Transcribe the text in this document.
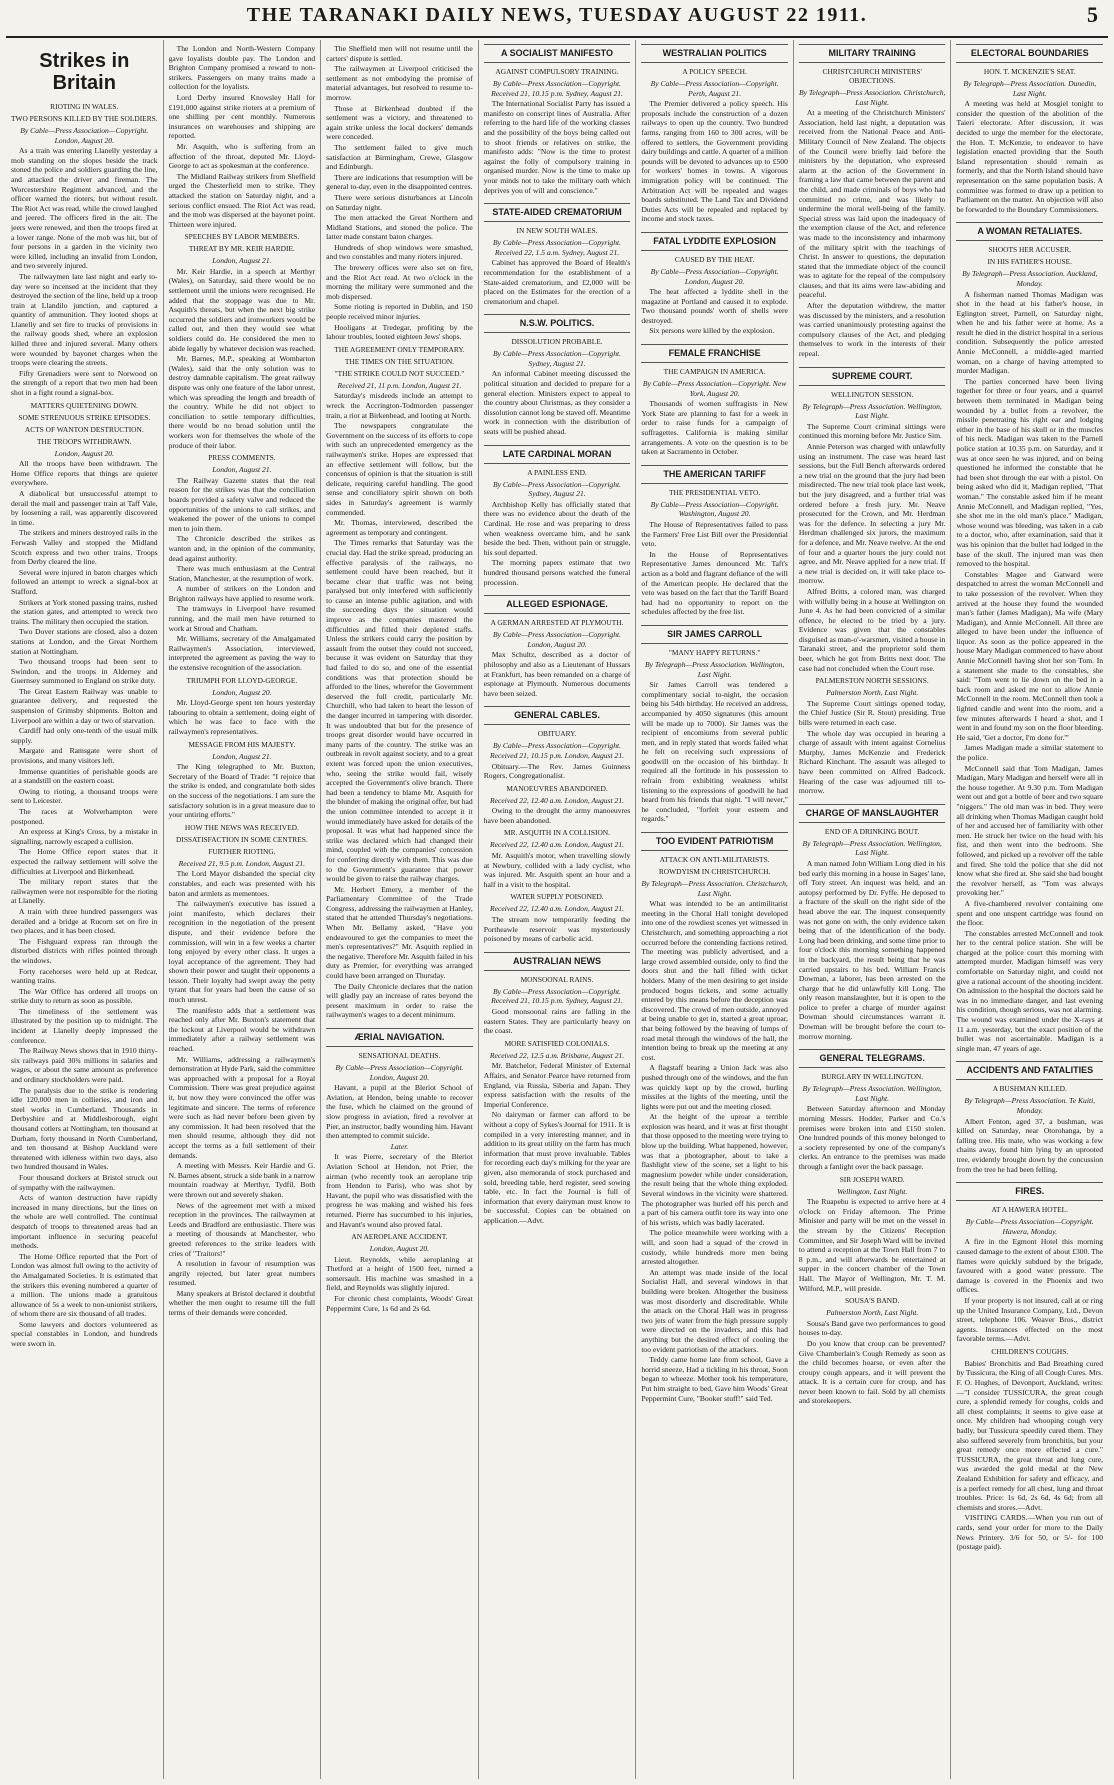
THE TARANAKI DAILY NEWS, TUESDAY AUGUST 22 1911.	5
Strikes in Britain
RIOTING IN WALES.
TWO PERSONS KILLED BY THE SOLDIERS.

By Cable—Press Association—Copyright. London, August 20.

As a train was entering Llanelly yesterday a mob standing on the slopes beside the track stoned the police and soldiers guarding the line, and attacked the driver and fireman. The Worcestershire Regiment advanced, and the officer warned the rioters, but without result. The Riot Act was read, while the crowd laughed and jeered. The officers fired in the air. The jeers were renewed, and then the troops fired at a lower range. None of the mob was hit, but of four persons in a garden in the vicinity two were killed, including an invalid from London, and two severely injured.

The railwaymen late last night and early to-day were so incensed at the incident that they destroyed the section of the line, held up a troop train at Llandilo junction, and captured a quantity of ammunition. They looted shops at Llanelly and set fire to trucks of provisions in the railway goods shed, where an explosion killed three and injured several. Many others were wounded by bayonet charges when the troops were clearing the streets.

Fifty Grenadiers were sent to Norwood on the strength of a report that two men had been shot in a fight round a signal-box.

MATTERS QUIETENING DOWN.
SOME STRENUOUS STRIKE EPISODES.
ACTS OF WANTON DESTRUCTION.
THE TROOPS WITHDRAWN.

London, August 20.

All the troops have been withdrawn. The Home Office reports that things are quieter everywhere.

A diabolical but unsuccessful attempt to derail the mail and passenger train at Taff Vale, by loosening a rail, was apparently discovered in time.

The strikers and miners destroyed rails in the Ferwash Valley and stopped the Midland Scotch express and two other trains. Troops from Derby cleared the line.

Several were injured in baton charges which followed an attempt to wreck a signal-box at Stafford.

Strikers at York stoned passing trains, rushed the station gates, and attempted to wreck two trains. The military then occupied the station.

Two Dover stations are closed, also a dozen stations at London, and the Great Northern station at Nottingham.

Two thousand troops had been sent to Swindon, and the troops in Alderney and Guernsey summoned to England on strike duty.

The Great Eastern Railway was unable to guarantee delivery, and requested the suspension of Grimsby shipments. Bolton and Liverpool are within a day or two of starvation.

Cardiff had only one-tenth of the usual milk supply.

Margate and Ramsgate were short of provisions, and many visitors left.

Immense quantities of perishable goods are at a standstill on the eastern coast.

Owing to rioting, a thousand troops were sent to Leicester.

The races at Wolverhampton were postponed.

An express at King's Cross, by a mistake in signalling, narrowly escaped a collision.

The Home Office report states that it expected the railway settlement will solve the difficulties at Liverpool and Birkenhead.

The military report states that the railwaymen were not responsible for the rioting at Llanelly.

A train with three hundred passengers was derailed and a bridge at Rucorn set on fire in two places, and it has been closed.

The Fishguard express ran through the disturbed districts with rifles pointed through the windows.

Forty racehorses were held up at Redcar, wanting trains.

The War Office has ordered all troops on strike duty to return as soon as possible.

The timeliness of the settlement was illustrated by the position up to midnight. The incident at Llanelly deeply impressed the conference.

The Railway News shows that in 1910 thirty-six railways paid 30¾ millions in salaries and wages, or about the same amount as preference and ordinary stockholders were paid.

The paralysis due to the strike is rendering idle 120,000 men in collieries, and iron and steel works in Cumberland. Thousands in Derbyshire and at Middlesborough, eight thousand cotlers at Nottingham, ten thousand at Durham, forty thousand in North Cumberland, and ten thousand at Bishop Auckland were threatened with idleness within two days, also two hundred thousand in Wales.

Four thousand dockers at Bristol struck out of sympathy with the railwaymen.

Acts of wanton destruction have rapidly increased in many directions, but the lines on the whole are well controlled. The continual despatch of troops to threatened areas had an important influence in securing peaceful methods.

The Home Office reported that the Port of London was almost full owing to the activity of the Amalgamated Societies. It is estimated that the strikers this evening numbered a quarter of a million. The unions made a gratuitous allowance of 5s a week to non-unionist strikers, of whom there are six thousand of all trades.

Some lawyers and doctors volunteered as special constables in London, and hundreds were sworn in.

The London and North-Western Company gave loyalists double pay. The London and Brighton Company promised a reward to non-strikers. Passengers on many trains made a collection for the loyalists.

Lord Derby insured Knowsley Hall for £191,000 against strike rioters at a premium of one shilling per cent monthly. Numerous insurances on warehouses and shipping are reported.

Mr. Asquith, who is suffering from an affection of the throat, deputed Mr. Lloyd-George to act as spokesman at the conference.

The Midland Railway strikers from Sheffield urged the Chesterfield men to strike. They attacked the station on Saturday night, and a serious conflict ensued. The Riot Act was read, and the mob was dispersed at the bayonet point. Thirteen were injured.

SPEECHES BY LABOR MEMBERS.
THREAT BY MR. KEIR HARDIE.

London, August 21.

Mr. Keir Hardie, in a speech at Merthyr (Wales), on Saturday, said there would be no settlement until the unions were recognised. He added that the stoppage was due to Mr. Asquith's threats, but when the next big strike occurred the soldiers and ironworkers would be called out, and then they would see what soldiers could do. He considered the men to abide legally by whatever decision was reached.

Mr. Barnes, M.P., speaking at Wombarton (Wales), said that the only solution was to destroy damnable capitalism. The great railway dispute was only one feature of the labor unrest, which was spreading the length and breadth of the country. While he did not object to conciliation to settle temporary difficulties, there would be no broad solution until the workers won for themselves the whole of the produce of their labor.

PRESS COMMENTS.

London, August 21.

The Railway Gazette states that the real reason for the strikes was that the conciliation boards provided a safety valve and reduced the opportunities of the unions to call strikes, and weakened the power of the unions to compel men to join them.

The Chronicle described the strikes as wanton and, in the opinion of the community, dead against authority.

There was much enthusiasm at the Central Station, Manchester, at the resumption of work.

A number of strikers on the London and Brighton railways have applied to resume work.

The tramways in Liverpool have resumed running, and the mail men have returned to work at Stroud and Chatham.

Mr. Williams, secretary of the Amalgamated Railwaymen's Association, interviewed, interpreted the agreement as paving the way to the extensive recognition of the association.

TRIUMPH FOR LLOYD-GEORGE.

London, August 20.

Mr. Lloyd-George spent ten hours yesterday labouring to obtain a settlement, doing eight of which he was face to face with the railwaymen's representatives.

MESSAGE FROM HIS MAJESTY.

London, August 21.

The King telegraphed to Mr. Buxton, Secretary of the Board of Trade: "I rejoice that the strike is ended, and congratulate both sides on the success of the negotiations. I am sure the satisfactory solution is in a great measure due to your untiring efforts."

HOW THE NEWS WAS RECEIVED.
DISSATISFACTION IN SOME CENTRES.
FURTHER RIOTING.

Received 21, 9.5 p.m. London, August 21.

The Lord Mayor disbanded the special city constables, and each was presented with his baton and armlets as mementoes.

The railwaymen's executive has issued a joint manifesto, which declares their recognition in the negotiation of the present dispute, and their evidence before the commission, will win in a few weeks a charter long enjoyed by every other class. It urges a loyal acceptance of the agreement. They had shown their power and taught their opponents a lesson. Their loyalty had swept away the petty tyrant that for years had been the cause of so much unrest.

The manifesto adds that a settlement was reached only after Mr. Buxton's statement that the lockout at Liverpool would be withdrawn immediately after a railway settlement was reached.

Mr. Williams, addressing a railwaymen's demonstration at Hyde Park, said the committee was approached with a proposal for a Royal Commission. There was great prejudice against it, but now they were convinced the offer was legitimate and sincere. The terms of reference were such as had never before been given by any commission. It had been resolved that the men should resume, although they did not accept the terms as a full settlement of their demands.

A meeting with Messrs. Keir Hardie and G. N. Barnes absent, struck a side bank in a narrow mountain roadway at Merthyr, Tydfil. Both were thrown out and severely shaken.

News of the agreement met with a mixed reception in the provinces. The railwaymen at Leeds and Bradford are enthusiastic. There was a meeting of thousands at Manchester, who greeted references to the strike leaders with cries of "Traitors!"

A resolution in favour of resumption was angrily rejected, but later great numbers resumed.

Many speakers at Bristol declared it doubtful whether the men ought to resume till the full terms of their demands were conceded.

The Sheffield men will not resume until the carters' dispute is settled.

The railwaymen at Liverpool criticised the settlement as not embodying the promise of material advantages, but resolved to resume to-morrow.

Those at Birkenhead doubted if the settlement was a victory, and threatened to again strike unless the local dockers' demands were conceded.

The settlement failed to give much satisfaction at Birmingham, Crewe, Glasgow and Edinburgh.

There are indications that resumption will be general to-day, even in the disappointed centres.

There were serious disturbances at Lincoln on Saturday night.

The men attacked the Great Northern and Midland Stations, and stoned the police. The latter made constant baton charges.

Hundreds of shop windows were smashed, and two constables and many rioters injured.

The brewery offices were also set on fire, and the Riot Act read. At two o'clock in the morning the military were summoned and the mob dispersed.

Some rioting is reported in Dublin, and 150 people received minor injuries.

Hooligans at Tredegar, profiting by the labour troubles, looted eighteen Jews' shops.

THE AGREEMENT ONLY TEMPORARY.
THE TIMES ON THE SITUATION.
"THE STRIKE COULD NOT SUCCEED."

Received 21, 11 p.m. London, August 21.

Saturday's misdeeds include an attempt to wreck the Accrington-Todmorden passenger train, a riot at Birkenhead, and looting at North.

The newspapers congratulate the Government on the success of its efforts to cope with such an unprecedented emergency as the railwaymen's strike. Hopes are expressed that an effective settlement will follow, but the concensus of opinion is that the situation is still delicate, requiring careful handling. The good sense and conciliatory spirit shown on both sides in Saturday's agreement is warmly commended.

Mr. Thomas, interviewed, described the agreement as temporary and contingent.

The Times remarks that Saturday was the crucial day. Had the strike spread, producing an effective paralysis of the railways, no settlement could have been reached, but it became clear that traffic was not being paralysed but only interfered with sufficiently to cause an intense public agitation, and with the succeeding days the situation would improve as the companies mastered the difficulties and filled their depleted staffs. Unless the strikers could carry the position by assault from the outset they could not succeed, because it was evident on Saturday that they had failed to do so, and one of the essential conditions was that protection should be afforded to the lines, wherefor the Government deserved the full credit, particularly Mr. Churchill, who had taken to heart the lesson of the danger incurred in tampering with disorder. It was undoubted that but for the presence of troops great disorder would have occurred in many parts of the country. The strike was an outbreak in revolt against society, and to a great extent was forced upon the union executives, who, seeing the strike would fail, wisely accepted the Government's olive branch. There had been a tendency to blame Mr. Asquith for the blunder of making the original offer, but had the union committee intended to accept it it would immediately have asked for details of the proposal. It was what had happened since the strike was declared which had changed their mind, coupled with the companies' concession for conferring directly with them. This was due to the Government's guarantee that power would be given to raise the railway charges.

Mr. Herbert Emery, a member of the Parliamentary Committee of the Trade Congress, addressing the railwaymen at Hanley, stated that he attended Thursday's negotiations. When Mr. Bellamy asked, "Have you endeavoured to get the companies to meet the men's representatives?" Mr. Asquith replied in the negative. Therefore Mr. Asquith failed in his duty as Premier, for everything was arranged could have been arranged on Thursday.

The Daily Chronicle declares that the nation will gladly pay an increase of rates beyond the present maximum in order to raise the railwaymen's wages to a decent minimum.

ÆRIAL NAVIGATION.
SENSATIONAL DEATHS.

By Cable—Press Association—Copyright. London, August 20.

Havant, a pupil at the Bleriot School of Aviation, at Hendon, being unable to recover the fuse, which he claimed on the ground of slow progress in aviation, fired a revolver at Pier, an instructor, badly wounding him. Havant then attempted to commit suicide.

Later.

It was Pierre, secretary of the Bleriot Aviation School at Hendon, not Prier, the airman (who recently took an aeroplane trip from Hendon to Paris), who was shot by Havant, the pupil who was dissatisfied with the progress he was making and wished his fees returned. Pierre has succumbed to his injuries, and Havant's wound also proved fatal.

AN AEROPLANE ACCIDENT.

London, August 20.

Lieut. Reynolds, while aeroplaning at Thetford at a height of 1500 feet, turned a somersault. His machine was smashed in a field, and Reynolds was slightly injured.

For chronic chest complaints, Woods' Great Peppermint Cure, 1s 6d and 2s 6d.

A SOCIALIST MANIFESTO
AGAINST COMPULSORY TRAINING.

By Cable—Press Association—Copyright. Received 21, 10.15 p.m. Sydney, August 21.

The International Socialist Party has issued a manifesto on conscript lines of Australia. After referring to the hard life of the working classes and the possibility of the boys being called out to shoot friends or relatives on strike, the manifesto adds: "Now is the time to protest against the folly of compulsory training in organised murder. Now is the time to make up your minds not to take the military oath which deprives you of will and conscience."

STATE-AIDED CREMATORIUM
IN NEW SOUTH WALES.

By Cable—Press Association—Copyright. Received 22, 1.5 a.m. Sydney, August 21.

Cabinet has approved the Board of Health's recommendation for the establishment of a State-aided crematorium, and £2,000 will be placed on the Estimates for the erection of a crematorium and chapel.

N.S.W. POLITICS.
DISSOLUTION PROBABLE.

By Cable—Press Association—Copyright. Sydney, August 21.

An informal Cabinet meeting discussed the political situation and decided to prepare for a general election. Ministers expect to appeal to the country about Christmas, as they consider a dissolution cannot long be staved off. Meantime work in connection with the distribution of seats will be pushed ahead.

LATE CARDINAL MORAN
A PAINLESS END.

By Cable—Press Association—Copyright. Sydney, August 21.

Archbishop Kelly has officially stated that there was no evidence about the death of the Cardinal. He rose and was preparing to dress when weakness overcame him, and he sank beside the bed. Then, without pain or struggle, his soul departed.

The morning papers estimate that two hundred thousand persons watched the funeral procession.

ALLEGED ESPIONAGE.
A GERMAN ARRESTED AT PLYMOUTH.

By Cable—Press Association—Copyright. London, August 20.

Max Schultz, described as a doctor of philosophy and also as a Lieutenant of Hussars at Frankfurt, has been remanded on a charge of espionage at Plymouth. Numerous documents have been seized.

GENERAL CABLES.
OBITUARY.

By Cable—Press Association—Copyright. Received 21, 10.15 p.m. London, August 21.

Obituary.—The Rev. James Guinness Rogers, Congregationalist.

MANOEUVRES ABANDONED.

Received 22, 12.40 a.m. London, August 21.

Owing to the drought the army manoeuvres have been abandoned.

MR. ASQUITH IN A COLLISION.

Received 22, 12.40 a.m. London, August 21.

Mr. Asquith's motor, when travelling slowly at Newbury, collided with a lady cyclist, who was injured. Mr. Asquith spent an hour and a half in a visit to the hospital.

WATER SUPPLY POISONED.

Received 22, 12.40 a.m. London, August 21.

The stream now temporarily feeding the Portheawle reservoir was mysteriously poisoned by means of carbolic acid.

AUSTRALIAN NEWS
MONSOONAL RAINS.

By Cable—Press Association—Copyright. Received 21, 10.15 p.m. Sydney, August 21.

Good monsoonal rains are falling in the eastern States. They are particularly heavy on the coast.

MORE SATISFIED COLONIALS.

Received 22, 12.5 a.m. Brisbane, August 21.

Mr. Batchelor, Federal Minister of External Affairs, and Senator Pearce have returned from England, via Russia, Siberia and Japan. They express satisfaction with the results of the Imperial Conference.

No dairyman or farmer can afford to be without a copy of Sykes's Journal for 1911. It is compiled in a very interesting manner, and in addition to its great utility on the farm has much information that must prove invaluable. Tables for recording each day's milking for the year are given, also memoranda of stock purchased and sold, breeding table, herd register, seed sowing table, etc. In fact the Journal is full of information that every dairyman must know to be successful. Copies can be obtained on application.—Advt.

WESTRALIAN POLITICS
A POLICY SPEECH.

By Cable—Press Association—Copyright. Perth, August 21.

The Premier delivered a policy speech. His proposals include the construction of a dozen railways to open up the country. Two hundred farms, ranging from 160 to 300 acres, will be offered to settlers, the Government providing dairy buildings and cattle. A quarter of a million pounds will be devoted to advances up to £500 for workers' homes in towns. A vigorous immigration policy will be continued. The Arbitration Act will be repealed and wages boards substituted. The Land Tax and Dividend Duties Acts will be repealed and replaced by income and stock taxes.

FATAL LYDDITE EXPLOSION
CAUSED BY THE HEAT.

By Cable—Press Association—Copyright. London, August 20.

The heat affected a lyddite shell in the magazine at Portland and caused it to explode. Two thousand pounds' worth of shells were destroyed.

Six persons were killed by the explosion.

FEMALE FRANCHISE
THE CAMPAIGN IN AMERICA.

By Cable—Press Association—Copyright. New York, August 20.

Thousands of women suffragists in New York State are planning to fast for a week in order to raise funds for a campaign of suffragettes. California is making similar arrangements. A vote on the question is to be taken at Sacramento in October.

THE AMERICAN TARIFF
THE PRESIDENTIAL VETO.

By Cable—Press Association—Copyright. Washington, August 20.

The House of Representatives failed to pass the Farmers' Free List Bill over the Presidential veto.

In the House of Representatives Representative James denounced Mr. Taft's action as a bold and flagrant defiance of the will of the American people. He declared that the veto was based on the fact that the Tariff Board had had no opportunity to report on the schedules affected by the free list.

SIR JAMES CARROLL
"MANY HAPPY RETURNS."

By Telegraph—Press Association. Wellington, Last Night.

Sir James Carroll was tendered a complimentary social to-night, the occasion being his 54th birthday. He received an address, accompanied by 4050 signatures (this amount will be made up to 7000). Sir James was the recipient of encomiums from several public men, and in reply stated that words failed what he felt on receiving such expressions of goodwill on the occasion of his birthday. It required all the fortitude in his possession to refrain from exhibiting weakness whilst listening to the expressions of goodwill he had heard from his friends that night. "I will never," he concluded, "forfeit your esteem and regards."

TOO EVIDENT PATRIOTISM
ATTACK ON ANTI-MILITARISTS.
ROWDYISM IN CHRISTCHURCH.

By Telegraph—Press Association. Christchurch, Last Night.

What was intended to be an antimilitarist meeting in the Choral Hall tonight developed into one of the rowdiest scenes yet witnessed in Christchurch, and something approaching a riot occurred before the contending factions retired. The meeting was publicly advertised, and a large crowd assembled outside, only to find the doors shut and the hall filled with ticket holders. Many of the men desiring to get inside produced bogus tickets, and some actually entered by this means before the deception was discovered. The crowd of men outside, annoyed at being unable to get in, started a great uproar, that being followed by the heaving of lumps of road metal through the windows of the hall, the intention being to break up the meeting at any cost.

A flagstaff bearing a Union Jack was also pushed through one of the windows, and the fun was quickly kept up by the crowd, hurling missiles at the lights of the meeting, until the lights were put out and the meeting closed.

At the height of the uproar a terrible explosion was heard, and it was at first thought that those opposed to the meeting were trying to blow up the building. What happened, however, was that a photographer, about to take a flashlight view of the scene, set a light to his magnesium powder while under consideration, the result being that the whole thing exploded. Several windows in the vicinity were shattered. The photographer was hurled off his perch and a part of his camera outfit tore its way into one of his wrists, which was badly lacerated.

The police meanwhile were working with a will, and soon had a squad of the crowd in custody, while hundreds more men being arrested altogether.

An attempt was made inside of the local Socialist Hall, and several windows in that building were broken. Altogether the business was most disorderly and discreditable. While the attack on the Choral Hall was in progress two jets of water from the high pressure supply were directed on the invaders, and this had anything but the desired effect of cooling the too evident patriotism of the attackers.

Teddy came home late from school, Gave a horrid sneeze, Had a tickling in his throat, Soon began to wheeze. Mother took his temperature, Put him straight to bed, Gave him Woods' Great Peppermint Cure, "Booker stuff!" said Ted.

MILITARY TRAINING
CHRISTCHURCH MINISTERS' OBJECTIONS.

By Telegraph—Press Association. Christchurch, Last Night.

At a meeting of the Christchurch Ministers' Association, held last night, a deputation was received from the National Peace and Anti-Military Council of New Zealand. The objects of the Council were briefly laid before the ministers by the deputation, who expressed alarm at the action of the Government in framing a law that came between the parent and the child, and made criminals of boys who had committed no crime, and was likely to undermine the moral well-being of the family. Special stress was laid upon the inadequacy of the exemption clause of the Act, and reference was made to the inconsistency and inharmony of the military spirit with the teachings of Christ. In answer to questions, the deputation stated that the immediate object of the council was to agitate for the repeal of the compulsory clauses, and that its aims were law-abiding and peaceful.

After the deputation withdrew, the matter was discussed by the ministers, and a resolution was carried unanimously protesting against the compulsory clauses of the Act, and pledging themselves to work in the interests of their repeal.

SUPREME COURT.
WELLINGTON SESSION.

By Telegraph—Press Association. Wellington, Last Night.

The Supreme Court criminal sittings were continued this morning before Mr. Justice Sim.

Annie Peterson was charged with unlawfully using an instrument. The case was heard last sessions, but the Full Bench afterwards ordered a new trial on the ground that the jury had been misdirected. The new trial took place last week, but the jury disagreed, and a further trial was ordered before a fresh jury. Mr. Neave prosecuted for the Crown, and Mr. Herdman was for the defence. In selecting a jury Mr. Herdman challenged six jurors, the maximum for a defence, and Mr. Neave twelve. At the end of four and a quarter hours the jury could not agree, and Mr. Neave applied for a new trial. If a new trial is decided on, it will take place to-morrow.

Alfred Britts, a colored man, was charged with wilfully being in a house at Wellington on June 4. As he had been convicted of a similar offence, he elected to be tried by a jury. Evidence was given that the constables disguised as man-o'-warsmen, visited a house in Taranaki street, and the proprietor sold them beer, which he got from Britts next door. The case had not concluded when the Court rose.

PALMERSTON NORTH SESSIONS.

Palmerston North, Last Night.

The Supreme Court sittings opened today, the Chief Justice (Sir R. Stout) presiding. True bills were returned in each case.

The whole day was occupied in hearing a charge of assault with intent against Cornelius Murphy, James McKenzie and Frederick Richard Kinchant. The assault was alleged to have been committed on Alfred Badcock. Hearing of the case was adjourned till to-morrow.

CHARGE OF MANSLAUGHTER
END OF A DRINKING BOUT.

By Telegraph—Press Association. Wellington, Last Night.

A man named John William Long died in his bed early this morning in a house in Sages' lane, off Tory street. An inquest was held, and an autopsy performed by Dr. Fyffe. He deposed to a fracture of the skull on the right side of the head above the ear. The inquest consequently was not gone on with, the only evidence taken being that of the identification of the body. Long had been drinking, and some time prior to four o'clock this morning something happened in the backyard, the result being that he was carried upstairs to his bed. William Francis Dowman, a laborer, has been arrested on the charge that he did unlawfully kill Long. The only reason manslaughter, but it is open to the police to prefer a charge of murder against Dowman should circumstances warrant it. Dowman will be brought before the court to-morrow morning.

GENERAL TELEGRAMS.
BURGLARY IN WELLINGTON.

By Telegraph—Press Association. Wellington, Last Night.

Between Saturday afternoon and Monday morning Messrs. Hodder, Parker and Co.'s premises were broken into and £150 stolen. One hundred pounds of this money belonged to a society represented by one of the company's clerks. An entrance to the premises was made through a fanlight over the back passage.

SIR JOSEPH WARD.

Wellington, Last Night.

The Ruapehu is expected to arrive here at 4 o'clock on Friday afternoon. The Prime Minister and party will be met on the vessel in the stream by the Citizens' Reception Committee, and Sir Joseph Ward will be invited to attend a reception at the Town Hall from 7 to 8 p.m., and will afterwards be entertained at supper in the concert chamber of the Town Hall. The Mayor of Wellington, Mr. T. M. Wilford, M.P., will preside.

SOUSA'S BAND.

Palmerston North, Last Night.

Sousa's Band gave two performances to good houses to-day.

Do you know that croup can be prevented? Give Chamberlain's Cough Remedy as soon as the child becomes hoarse, or even after the croupy cough appears, and it will prevent the attack. It is a certain cure for croup, and has never been known to fail. Sold by all chemists and storekeepers.

ELECTORAL BOUNDARIES
HON. T. MCKENZIE'S SEAT.

By Telegraph—Press Association. Dunedin, Last Night.

A meeting was held at Mosgiel tonight to consider the question of the abolition of the Taieri electorate. After discussion, it was decided to urge the member for the electorate, the Hon. T. McKenzie, to endeavor to have legislation enacted providing that the South Island representation should remain as formerly, and that the North Island should have representation on the same population basis. A committee was formed to draw up a petition to Parliament on the matter. An objection will also be forwarded to the Boundary Commissioners.

A WOMAN RETALIATES.
SHOOTS HER ACCUSER.
IN HIS FATHER'S HOUSE.

By Telegraph—Press Association. Auckland, Monday.

A fisherman named Thomas Madigan was shot in the head at his father's house, in Eglington street, Parnell, on Saturday night, when he and his father were at home. As a result he died in the district hospital in a serious condition. Subsequently the police arrested Annie McConnell, a middle-aged married woman, on a charge of having attempted to murder Madigan.

The parties concerned have been living together for three or four years, and a quarrel between them terminated in Madigan being wounded by a bullet from a revolver, the missile penetrating his right ear and lodging either in the base of his skull or in the muscles of his neck. Madigan was taken to the Parnell police station at 10.35 p.m. on Saturday, and it was at once seen he was injured, and on being questioned he informed the constable that he had been shot through the ear with a pistol. On being asked who did it, Madigan replied, "That woman." The constable asked him if he meant Annie McConnell, and Madigan replied, "Yes, she shot me in the old man's place." Madigan, whose wound was bleeding, was taken in a cab to a doctor, who, after examination, said that it was his opinion that the bullet had lodged in the base of the skull. The injured man was then removed to the hospital.

Constables Magee and Gatward were despatched to arrest the woman McConnell and to take possession of the revolver. When they arrived at the house they found the wounded man's father (James Madigan), Ma wife (Mary Madigan), and Annie McConnell. All three are alleged to have been under the influence of liquor. As soon as the police appeared in the house Mary Madigan commenced to have about Annie McConnell having shot her son Tom. In a statement she made to the constables, she said: "Tom went to lie down on the bed in a back room and asked me not to allow Annie McConnell in the room. McConnell then took a lighted candle and went into the room, and a few minutes afterwards I heard a shot, and I went in and found my son on the floor bleeding. He said, 'Get a doctor, I'm done for.'"

James Madigan made a similar statement to the police.

McConnell said that Tom Madigan, James Madigan, Mary Madigan and herself were all in the house together. At 9.30 p.m. Tom Madigan went out and got a bottle of beer and two square "niggers." The old man was in bed. They were all drinking when Thomas Madigan caught hold of her and accused her of familiarity with other men. He struck her twice on the head with his fist, and then went into the bedroom. She followed, and picked up a revolver off the table and fired. She told the police that she did not know what she fired at. She said she had bought the revolver herself, as "Tom was always provoking her."

A five-chambered revolver containing one spent and one unspent cartridge was found on the floor.

The constables arrested McConnell and took her to the central police station. She will be charged at the police court this morning with attempted murder. Madigan himself was very comfortable on Saturday night, and could not give a rational account of the shooting incident. On admission to the hospital the doctors said he was in no immediate danger, and last evening his condition, though serious, was not alarming. The wound was examined under the X-rays at 11 a.m. yesterday, but the exact position of the bullet was not ascertainable. Madigan is a single man, 47 years of age.

ACCIDENTS AND FATALITIES
A BUSHMAN KILLED.

By Telegraph—Press Association. Te Kuiti, Monday.

Albert Fenton, aged 37, a bushman, was killed on Saturday, near Otorohanga, by a falling tree. His mate, who was working a few chains away, found him lying by an uprooted tree, evidently brought down by the concussion from the tree he had been felling.

FIRES.
AT A HAWERA HOTEL.

By Cable—Press Association—Copyright. Hawera, Monday.

A fire in the Egmont Hotel this morning caused damage to the extent of about £300. The flames were quickly subdued by the brigade, favoured with a good water pressure. The damage is covered in the Phoenix and two offices.

If your property is not insured, call at or ring up the United Insurance Company, Ltd., Devon street, telephone 106. Weaver Bros., district agents. Insurances effected on the most favorable terms.—Advt.

CHILDREN'S COUGHS.

Babies' Bronchitis and Bad Breathing cured by Tussicura, the King of all Cough Cures. Mrs. F. O. Hughes, of Devonport, Auckland, writes:—"I consider TUSSICURA, the great cough cure, a splendid remedy for coughs, colds and all chest complaints; it seems to give ease at once. My children had whooping cough very badly, but Tussicura speedily cured them. They also suffered severely from bronchitis, but your great remedy once more effected a cure." TUSSICURA, the great throat and lung cure, was awarded the gold medal at the New Zealand Exhibition for safety and efficacy, and is a perfect remedy for all chest, lung and throat troubles. Price: 1s 6d, 2s 6d, 4s 6d; from all chemists and stores.—Advt.

VISITING CARDS.—When you run out of cards, send your order for more to the Daily News Printery. 3/6 for 50, or 5/- for 100 (postage paid).
